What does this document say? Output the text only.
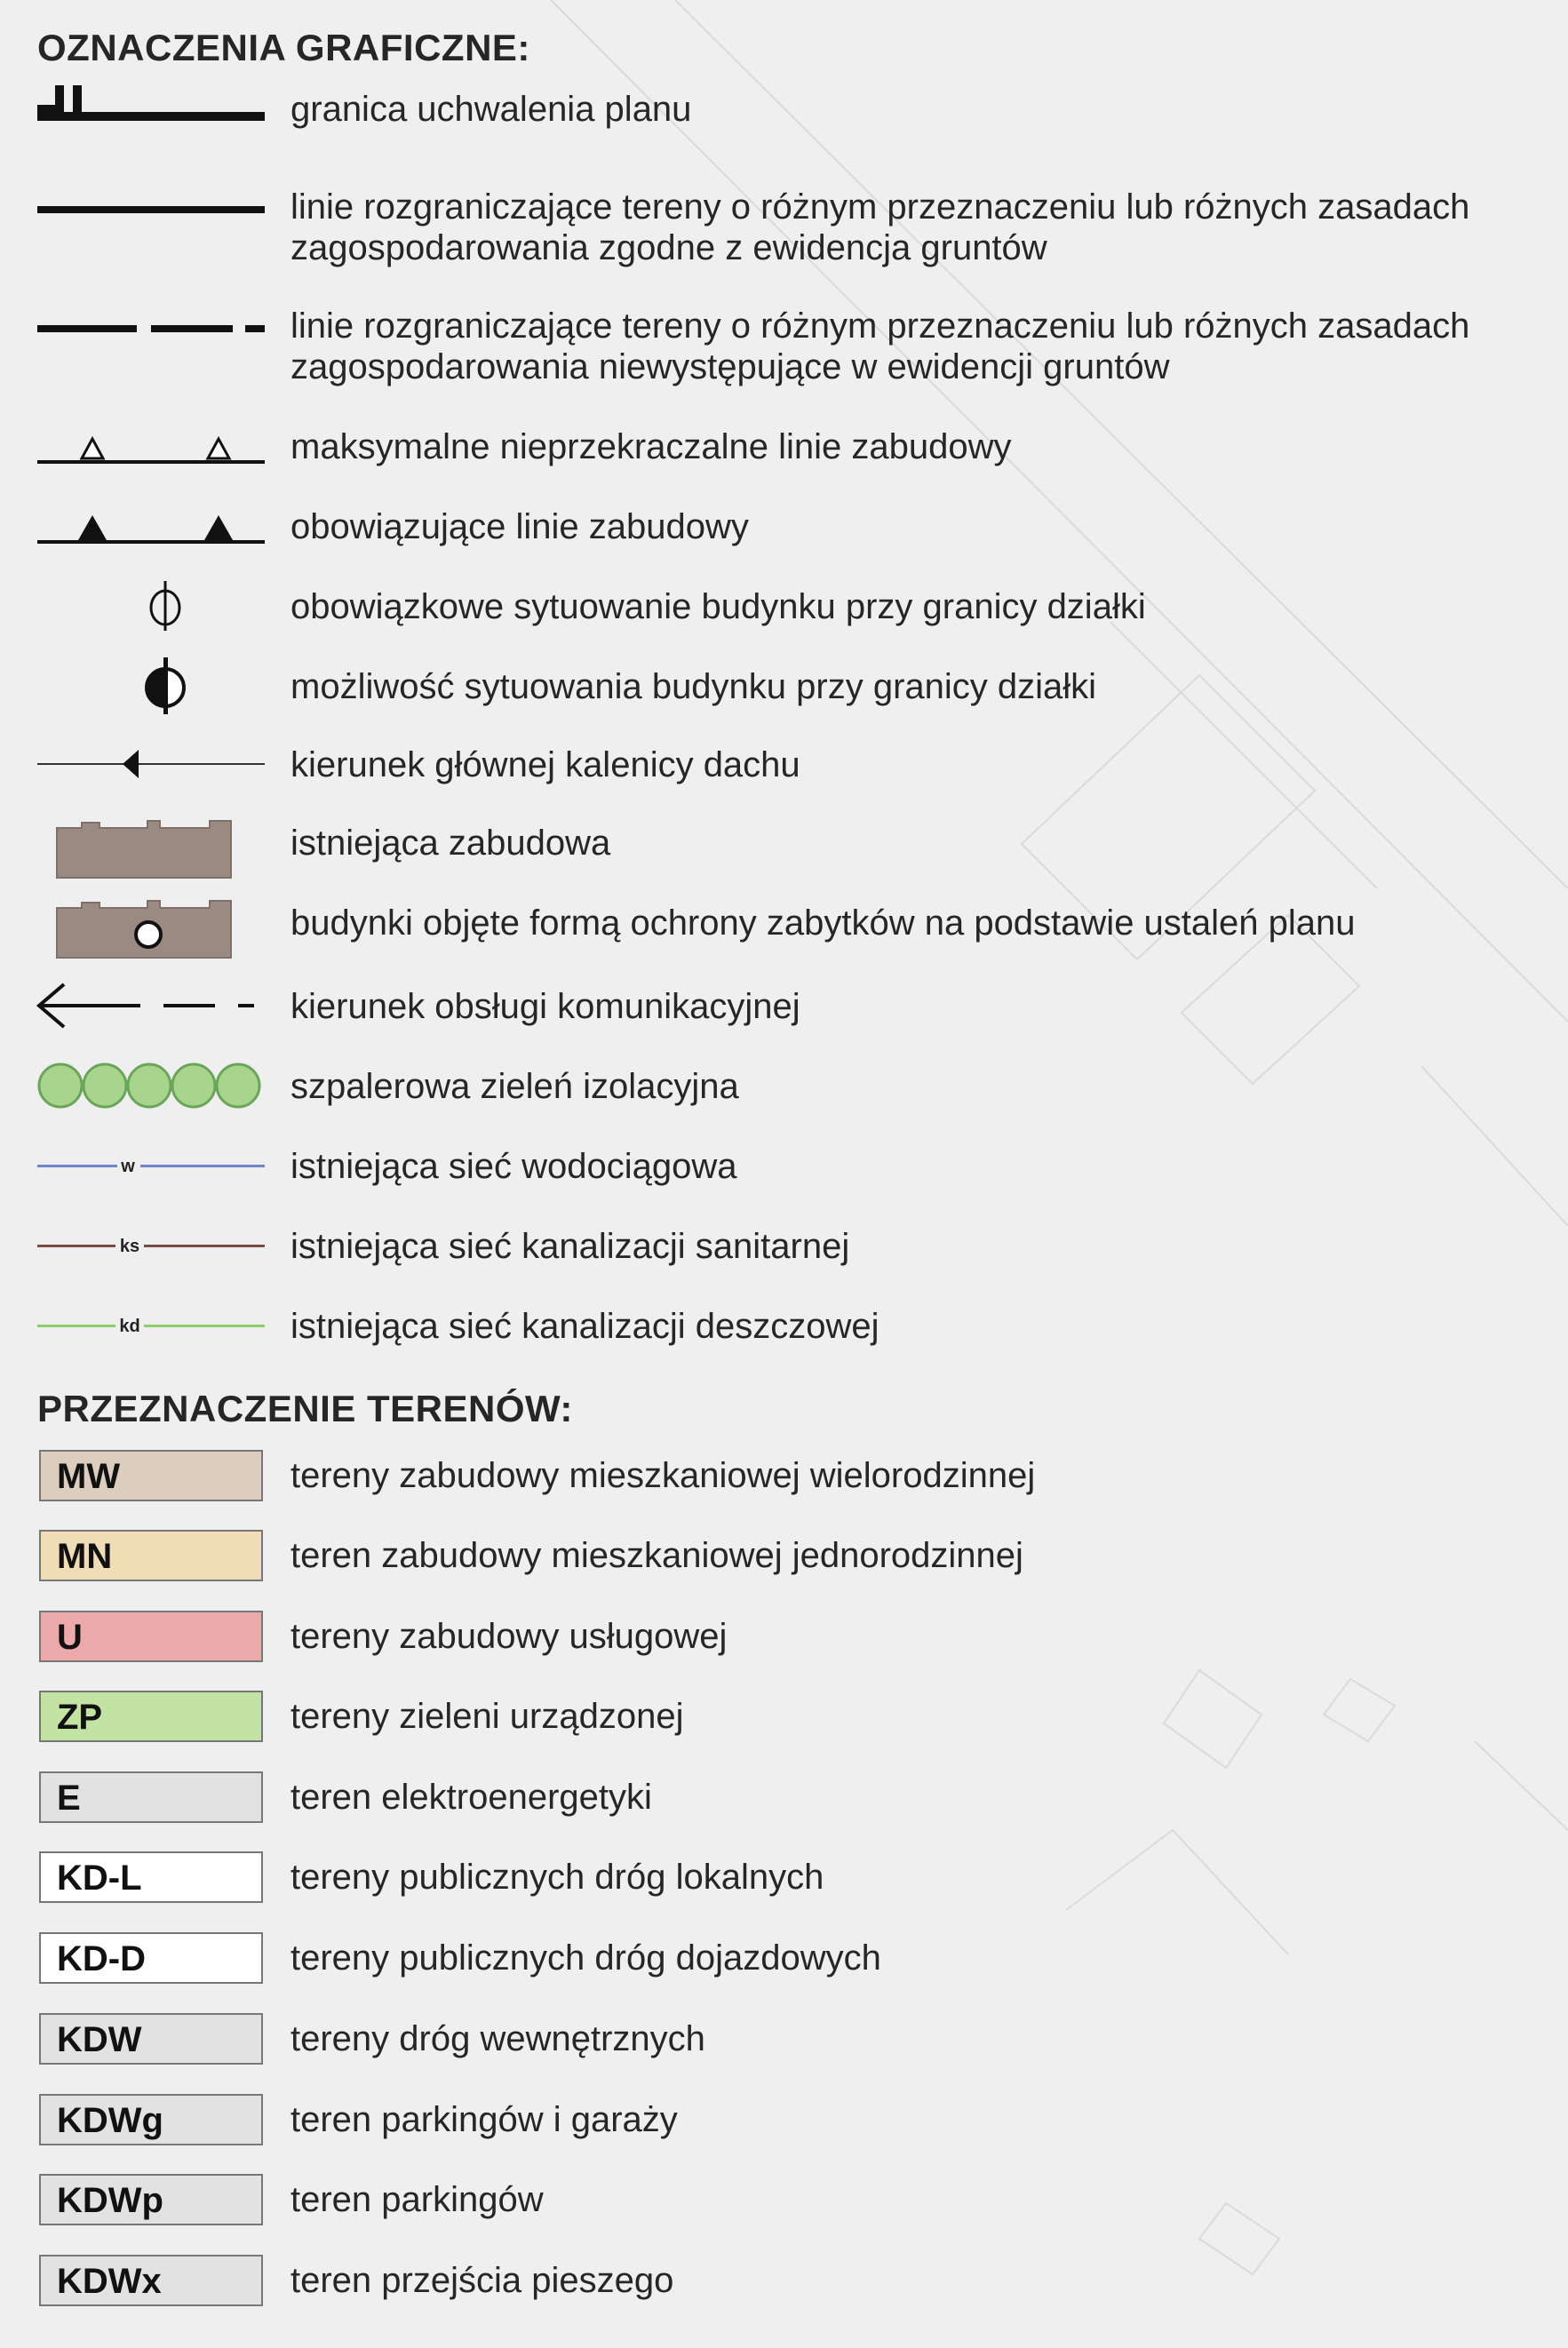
OZNACZENIA GRAFICZNE:
granica uchwalenia planu
linie rozgraniczające tereny o różnym przeznaczeniu lub różnych zasadach zagospodarowania zgodne z ewidencja gruntów
linie rozgraniczające tereny o różnym przeznaczeniu lub różnych zasadach zagospodarowania niewystępujące w ewidencji gruntów
maksymalne nieprzekraczalne linie zabudowy
obowiązujące linie zabudowy
obowiązkowe sytuowanie budynku przy granicy działki
możliwość sytuowania budynku przy granicy działki
kierunek głównej kalenicy dachu
istniejąca zabudowa
budynki objęte formą ochrony zabytków na podstawie ustaleń planu
kierunek obsługi komunikacyjnej
szpalerowa zieleń izolacyjna
w	istniejąca sieć wodociągowa
ks	istniejąca sieć kanalizacji sanitarnej
kd	istniejąca sieć kanalizacji deszczowej
PRZEZNACZENIE TERENÓW:
MW	tereny zabudowy mieszkaniowej wielorodzinnej
MN	teren zabudowy mieszkaniowej jednorodzinnej
U	tereny zabudowy usługowej
ZP	tereny zieleni urządzonej
E	teren elektroenergetyki
KD-L	tereny publicznych dróg lokalnych
KD-D	tereny publicznych dróg dojazdowych
KDW	tereny dróg wewnętrznych
KDWg	teren parkingów i garaży
KDWp	teren parkingów
KDWx	teren przejścia pieszego
